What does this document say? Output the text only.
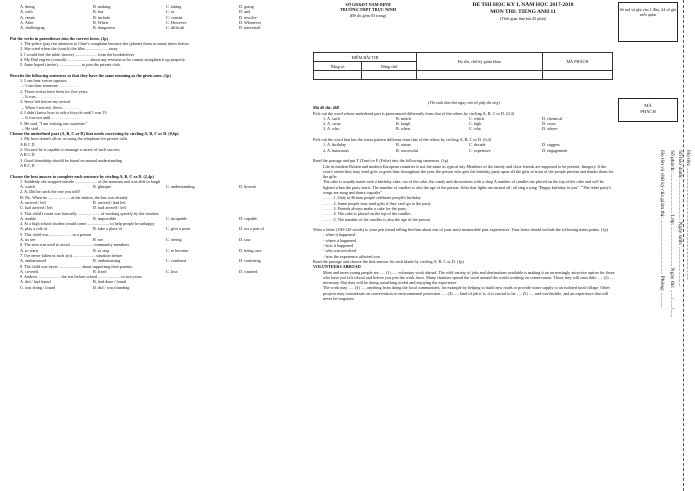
A. doing	B. making	C. taking	D. going
A. with	B. but	C. or	D. and
A. create	B. include	C. consist	D. involve
A. After	B. When	C. However	D. Whenever
A. challenging	B. dangerous	C. difficult	D. interested

Put the verbs in parentheses into the correct form. (1p)
1. The police (pay) no attention to Clare's complaint because she (phone) them so many times before
2. She cried when she (watch) the film ..................... away
3. I would feel the table. (move) ..................... from the bookshelves
4. My Dad regrets (consult) ..................... about any revision so he cannot straighten it up properly.
5. Anne hoped (invite) ..................... to join the private club.

Rewrite the following sentences so that they have the same meaning as the given ones. (1p)
1. I can hear voices upstairs
→ I can hear someone . . . . . . . . . .
2. Those voices have been for five years.
→ It was . . . . . . . . . . . . .
3. Steve left before my arrival
→ When I arrived, Steve . . . . . . . .
4. I didn't know how to ride a bicycle until I was 15
→ It was not until . . . . . . . . . . . . . . .
5. He said, "I am visiting our customer."
→ He said . . . . . . . . . . . . . . . . . . .
Choose the underlined part (A, B, C or D) that needs correcting by circling A, B, C or D. (0,6p)
1. My boss doesn't allow us using the telephone for private calls
A B C D
2. I'm sure he is capable to manage a career of such success
A B C D
3. Good friendship should be based on mutual understanding
A B C D

Choose the best answer to complete each sentence by circling A, B, C or D. (2,4p)
1. Suddenly she stopped outside ..................... of the museum and was able to laugh
A. watch	B. glimpse	C. understanding	D. browse
2. A: Did he catch the one you told?
B: No. When he ..................... at the station, the bus was already
A. arrived / left	B. arrived / had left

C. had arrived / left	D. had arrived / left

3. This child's room was basically ..................... of working quickly by the window
A. unable	B. impossible	C. incapable	D. capable
4. At a high school student would come ..................... to help people be unhappy
A. play a role of	B. take a place of	C. give a prize	D. act a part of
5. This child was ..................... as a person
A. us see	B. see	C. seeing	D. saw
6. The area was used to avoid ..................... community members
A. to warn	B. to stop	C. to become	D. being care
7. I've never fallen in such a(n) ..................... situation before
A. embarrassed	B. embarrassing	C. confused	D. confusing
8. The child was never ..................... about supporting their parents
A. covered	B. fixed	C. loss	D. counted
9. Andrew ..................... the test before school ..................... in two years
A. did / had found	B. had done / found

C. was doing / found	D. did / was founding

SỞ GD&ĐT NAM ĐỊNH
TRƯỜNG THPT TRỰC NINH
(Đề thi gồm 03 trang)
ĐỀ THI HỌC KỲ I, NĂM HỌC 2017-2018
MÔN THI: TIẾNG ANH 11
(Thời gian làm bài 45 phút)
ĐIỂM BÀI THI		Họ tên, chữ ký giám khảo	MÃ PHÁCH
Bằng số	Bằng chữ		

(Thí sinh làm bài ngay vào tờ giấy thi này)
Mã đề thi: 468
Pick out the word whose underlined part is pronounced differently from that of the others by circling A, B, C or D. (0,4)
1. A. such	B. match	C. which	D. chemical
2. A. sway	B. laugh	C. high	D. cross
3. A. who	B. when	C. why	D. where

Pick out the word that has the stress pattern different from that of the others by circling A, B, C or D. (0,4)
1. A. birthday	B. statue	C. decade	D. suggest
2. A. humorous	B. successful	C. expensive	D. engagement

Read the passage and put T (True) or F (False) into the following sentences. (1p)
Life in modern Britain and modern European countries is not the same as typical day Members of the family and close friends are supposed to be present. Imagery. It the year's centre they may send gifts or greet him, throughout the year, the person who gets the birthday party upon all the gifts in front of the people present and thanks them for the gifts
The cake is usually made with a birthday cake, cut of the cake, the candy and decorations with a shop A number of candles are placed on the top of the cake and will be lighted when the party starts. The number of candles is also the age of the person. After that lights are turned off, all sing a song "Happy birthday to you". "The other party's songs are sung and dance cupcake"
. . . . . 1. Only in Britain people celebrate people's birthday
. . . . . 2. Some people may send gifts if they can't go to the party
. . . . . 3. Friends always make a cake for the party
. . . . . 4. The cake is placed on the top of the candles
. . . . . 5. The number of the candles is also the age of the person

Write a letter (100-120 words) to your pen friend telling her/him about one of your most memorable past experiences. Your letter should include the following main points. (1p)
- when it happened
- where it happened
- how it happened
- who was involved
- how the experience affected you
Read the passage and choose the best answer for each blank by circling A, B, C or D. (1p)
VOLUNTEERS ABROAD
More and more young people are ..... (1) ..... voluntary work abroad. The wild variety of jobs and destinations available is making it an increasingly attractive option for those who have just left school and before you join the work force. Many charities spread the word around the world working on conservation. Those they will earn little ..... (2) ..... necessary. But they will be doing something useful and enjoying the experience
The work may ..... (3) ..... anything from doing the local communities, for example by helping to build new roads or provide water supply to an isolated rural village. Other projects may concentrate on conservation or environmental protection ..... (4) ..... kind of job it is, it is crucial to be ..... (5) ..... and worthwhile, and an experience that will never be forgotten.
Số mã vá ghi vào 1 đầu, 24 số ghi mỗi quần
MÃ
PHÁCH
Họ tên: ..................................................................................
Số báo danh: ............................. Ngày sinh: .............................
Số phách: ............................. Lớp: ............................. Ngày thi: ....../....../......
Họ tên và chữ ký của giám thị: ........................................ Phòng: ...........
